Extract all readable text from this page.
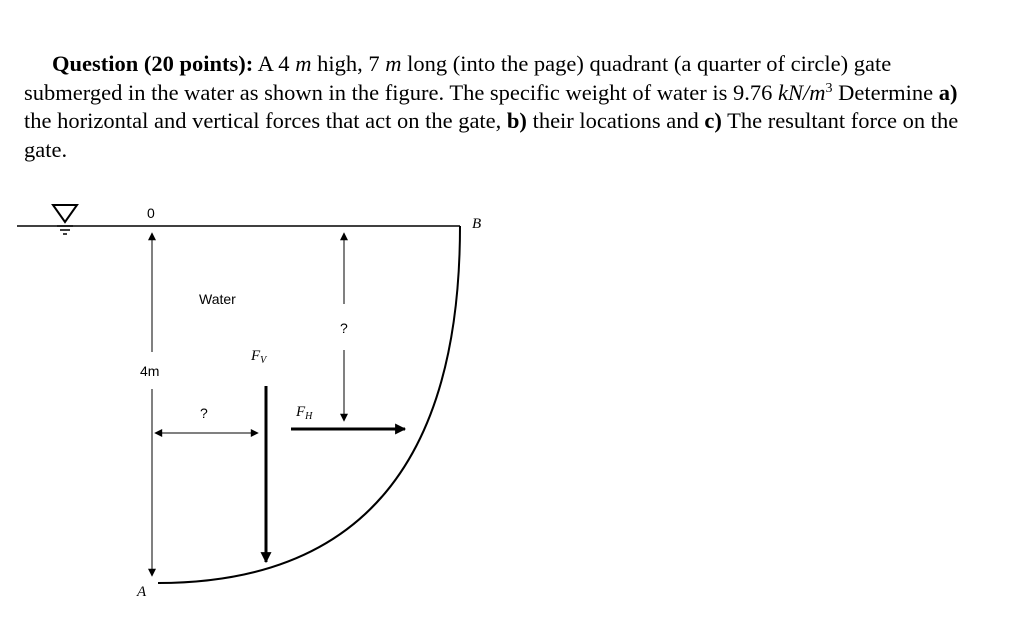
Question (20 points): A 4 m high, 7 m long (into the page) quadrant (a quarter of circle) gate submerged in the water as shown in the figure. The specific weight of water is 9.76 $kN/m^3$ Determine a) the horizontal and vertical forces that act on the gate, b) their locations and c) The resultant force on the gate.
0
B
Water
?
FV
4m
?	FH
A
